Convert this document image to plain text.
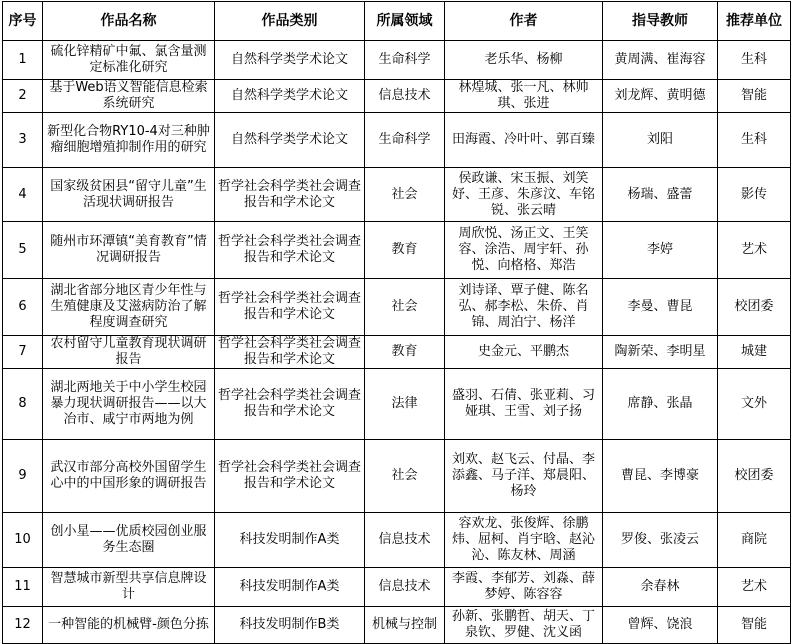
序号	作品名称	作品类别	所属领域	作者	指导教师	推荐单位
1	硫化锌精矿中氟、氯含量测定标准化研究	自然科学类学术论文	生命科学	老乐华、杨柳	黄周满、崔海容	生科
2	基于Web语义智能信息检索系统研究	自然科学类学术论文	信息技术	林煌城、张一凡、林帅琪、张进	刘龙辉、黄明德	智能
3	新型化合物RY10-4对三种肿瘤细胞增殖抑制作用的研究	自然科学类学术论文	生命科学	田海霞、冷叶叶、郭百臻	刘阳	生科
4	国家级贫困县“留守儿童”生活现状调研报告	哲学社会科学类社会调查报告和学术论文	社会	侯政谦、宋玉振、刘笑妤、王彦、朱彦汶、车铭锐、张云晴	杨瑞、盛蕾	影传
5	随州市环潭镇“美育教育”情况调研报告	哲学社会科学类社会调查报告和学术论文	教育	周欣悦、汤正文、王笑容、涂浩、周宇轩、孙悦、向格格、郑浩	李婷	艺术
6	湖北省部分地区青少年性与生殖健康及艾滋病防治了解程度调查研究	哲学社会科学类社会调查报告和学术论文	社会	刘诗译、覃子健、陈名弘、郝李松、朱侨、肖锦、周泊宁、杨洋	李曼、曹昆	校团委
7	农村留守儿童教育现状调研报告	哲学社会科学类社会调查报告和学术论文	教育	史金元、平鹏杰	陶新荣、李明星	城建
8	湖北两地关于中小学生校园暴力现状调研报告——以大冶市、咸宁市两地为例	哲学社会科学类社会调查报告和学术论文	法律	盛羽、石倩、张亚莉、习娅琪、王雪、刘子扬	席静、张晶	文外
9	武汉市部分高校外国留学生心中的中国形象的调研报告	哲学社会科学类社会调查报告和学术论文	社会	刘欢、赵飞云、付晶、李添鑫、马子洋、郑晨阳、杨玲	曹昆、李博豪	校团委
10	创小星——优质校园创业服务生态圈	科技发明制作A类	信息技术	容欢龙、张俊辉、徐鹏炜、屈柯、肖宇晗、赵沁沁、陈友林、周涵	罗俊、张凌云	商院
11	智慧城市新型共享信息牌设计	科技发明制作A类	信息技术	李霞、李郁芳、刘淼、薛梦婷、陈容容	余春林	艺术
12	一种智能的机械臂-颜色分拣	科技发明制作B类	机械与控制	孙新、张鹏哲、胡天、丁泉钦、罗健、沈义函	曾辉、饶浪	智能
